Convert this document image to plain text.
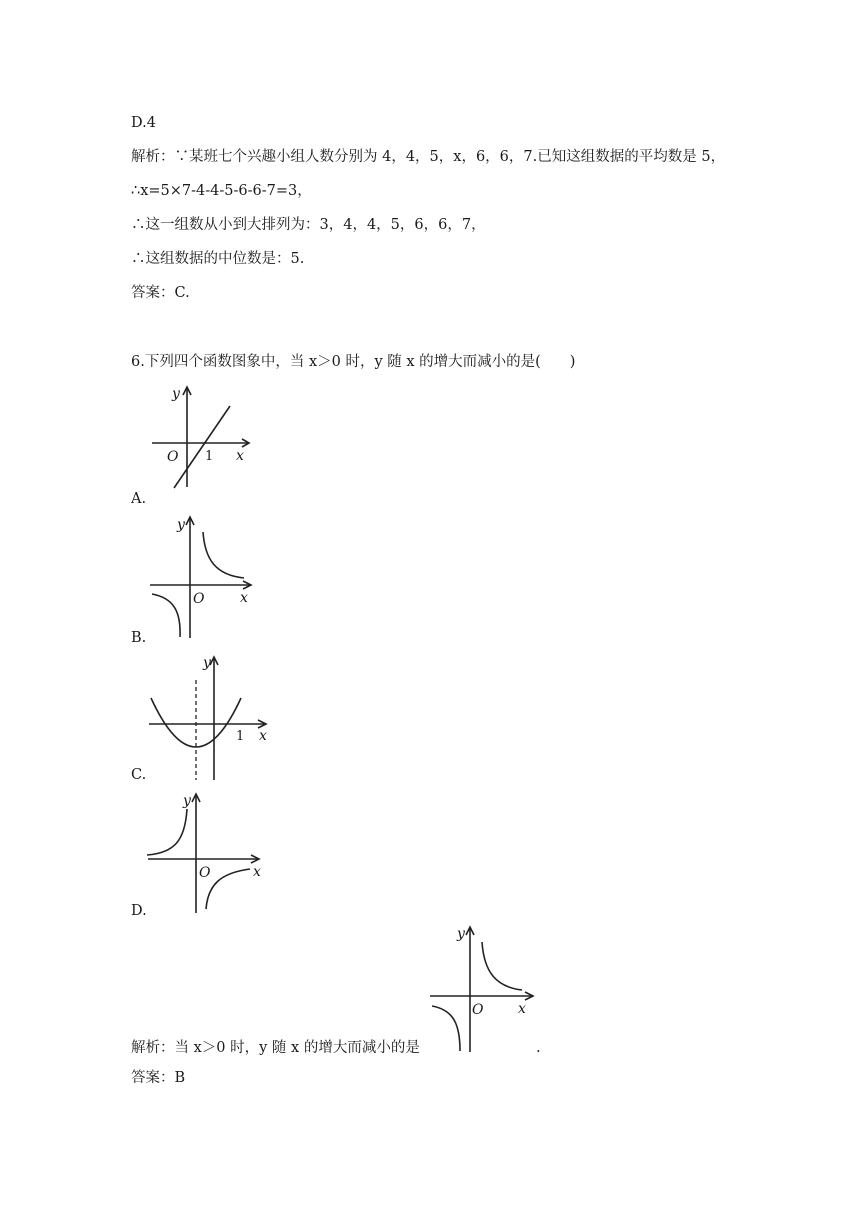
D.4
解析：∵某班七个兴趣小组人数分别为 4，4，5，x，6，6，7.已知这组数据的平均数是 5，
∴x=5×7-4-4-5-6-6-7=3，
∴这一组数从小到大排列为：3，4，4，5，6，6，7，
∴这组数据的中位数是：5.
答案：C.
6.下列四个函数图象中，当 x＞0 时，y 随 x 的增大而减小的是(　　)
y
O 1 x
A.
y
O	x
B.
y
1 x
C.
y
O	x
D.
y
O x
解析：当 x＞0 时，y 随 x 的增大而减小的是	.
答案：B
